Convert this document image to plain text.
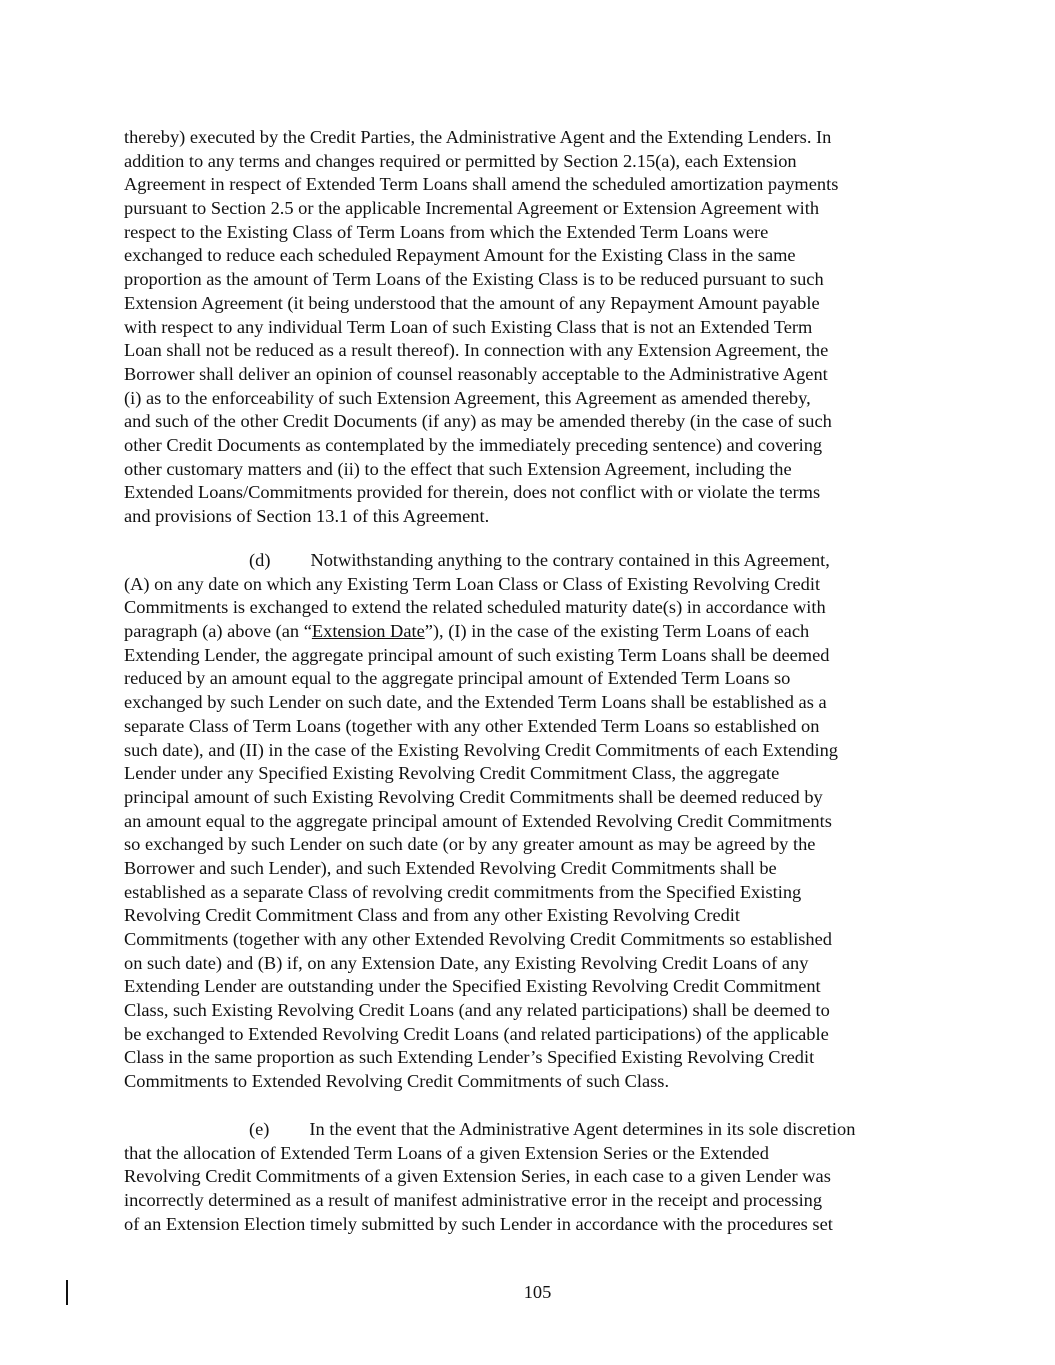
thereby) executed by the Credit Parties, the Administrative Agent and the Extending Lenders. In
addition to any terms and changes required or permitted by Section 2.15(a), each Extension
Agreement in respect of Extended Term Loans shall amend the scheduled amortization payments
pursuant to Section 2.5 or the applicable Incremental Agreement or Extension Agreement with
respect to the Existing Class of Term Loans from which the Extended Term Loans were
exchanged to reduce each scheduled Repayment Amount for the Existing Class in the same
proportion as the amount of Term Loans of the Existing Class is to be reduced pursuant to such
Extension Agreement (it being understood that the amount of any Repayment Amount payable
with respect to any individual Term Loan of such Existing Class that is not an Extended Term
Loan shall not be reduced as a result thereof). In connection with any Extension Agreement, the
Borrower shall deliver an opinion of counsel reasonably acceptable to the Administrative Agent
(i) as to the enforceability of such Extension Agreement, this Agreement as amended thereby,
and such of the other Credit Documents (if any) as may be amended thereby (in the case of such
other Credit Documents as contemplated by the immediately preceding sentence) and covering
other customary matters and (ii) to the effect that such Extension Agreement, including the
Extended Loans/Commitments provided for therein, does not conflict with or violate the terms
and provisions of Section 13.1 of this Agreement.
(d) Notwithstanding anything to the contrary contained in this Agreement,
(A) on any date on which any Existing Term Loan Class or Class of Existing Revolving Credit
Commitments is exchanged to extend the related scheduled maturity date(s) in accordance with
paragraph (a) above (an “Extension Date”), (I) in the case of the existing Term Loans of each
Extending Lender, the aggregate principal amount of such existing Term Loans shall be deemed
reduced by an amount equal to the aggregate principal amount of Extended Term Loans so
exchanged by such Lender on such date, and the Extended Term Loans shall be established as a
separate Class of Term Loans (together with any other Extended Term Loans so established on
such date), and (II) in the case of the Existing Revolving Credit Commitments of each Extending
Lender under any Specified Existing Revolving Credit Commitment Class, the aggregate
principal amount of such Existing Revolving Credit Commitments shall be deemed reduced by
an amount equal to the aggregate principal amount of Extended Revolving Credit Commitments
so exchanged by such Lender on such date (or by any greater amount as may be agreed by the
Borrower and such Lender), and such Extended Revolving Credit Commitments shall be
established as a separate Class of revolving credit commitments from the Specified Existing
Revolving Credit Commitment Class and from any other Existing Revolving Credit
Commitments (together with any other Extended Revolving Credit Commitments so established
on such date) and (B) if, on any Extension Date, any Existing Revolving Credit Loans of any
Extending Lender are outstanding under the Specified Existing Revolving Credit Commitment
Class, such Existing Revolving Credit Loans (and any related participations) shall be deemed to
be exchanged to Extended Revolving Credit Loans (and related participations) of the applicable
Class in the same proportion as such Extending Lender’s Specified Existing Revolving Credit
Commitments to Extended Revolving Credit Commitments of such Class.
(e) In the event that the Administrative Agent determines in its sole discretion
that the allocation of Extended Term Loans of a given Extension Series or the Extended
Revolving Credit Commitments of a given Extension Series, in each case to a given Lender was
incorrectly determined as a result of manifest administrative error in the receipt and processing
of an Extension Election timely submitted by such Lender in accordance with the procedures set
105
